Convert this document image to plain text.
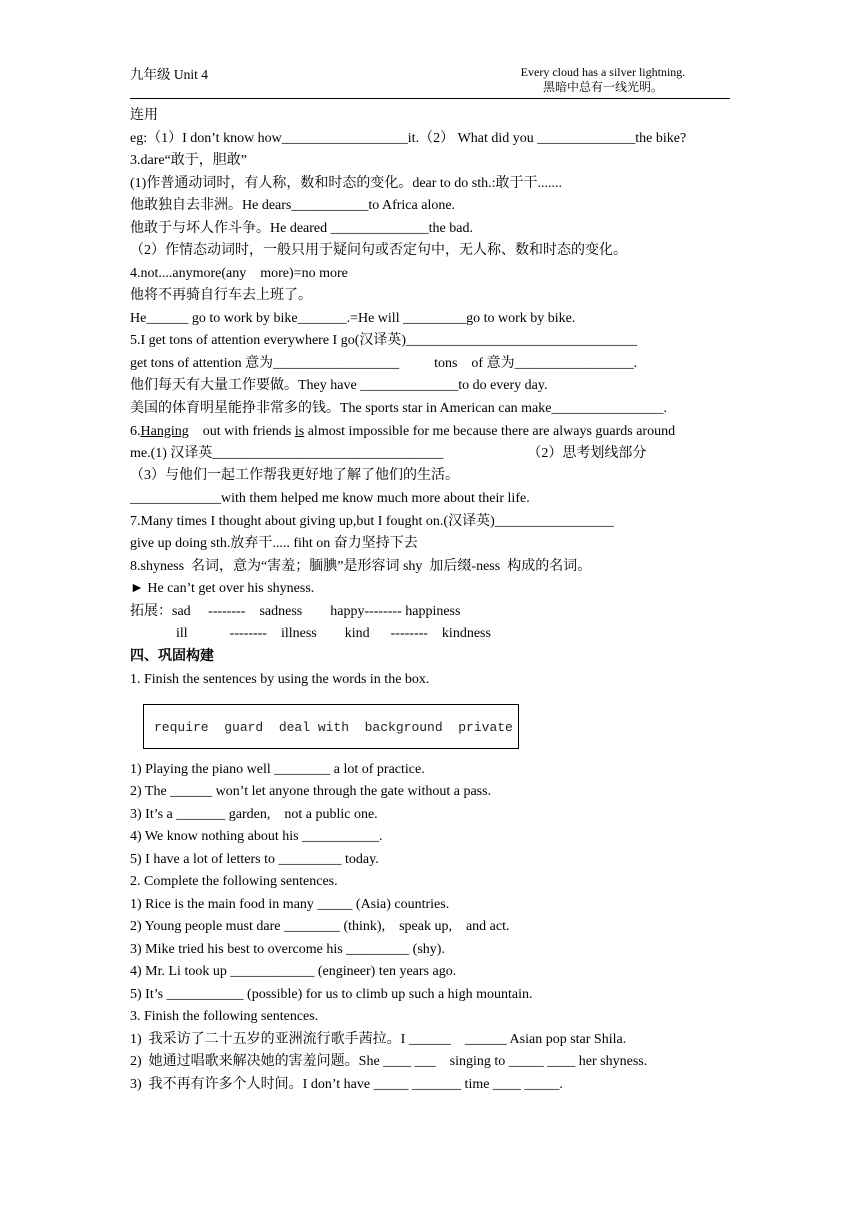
九年级 Unit 4	Every cloud has a silver lightning.
黑暗中总有一线光明。
连用
eg:（1）I don’t know how__________________it.（2） What did you ______________the bike?
3.dare“敢于，胆敢”
(1)作普通动词时，有人称，数和时态的变化。dear to do sth.:敢于干.......
他敢独自去非洲。He dears___________to Africa alone.
他敢于与坏人作斗争。He deared ______________the bad.
（2）作情态动词时，一般只用于疑问句或否定句中，无人称、数和时态的变化。
4.not....anymore(any    more)=no more
他将不再骑自行车去上班了。
He______ go to work by bike_______.=He will _________go to work by bike.
5.I get tons of attention everywhere I go(汉译英)_________________________________
get tons of attention 意为__________________          tons    of 意为_________________.
他们每天有大量工作要做。They have ______________to do every day.
美国的体育明星能挣非常多的钱。The sports star in American can make________________.
6.Hanging    out with friends is almost impossible for me because there are always guards around
me.(1) 汉译英_________________________________                        （2）思考划线部分
（3）与他们一起工作帮我更好地了解了他们的生活。
_____________with them helped me know much more about their life.
7.Many times I thought about giving up,but I fought on.(汉译英)_________________
give up doing sth.放弃干..... fiht on 奋力坚持下去
8.shyness  名词，意为“害羞；腼腆”是形容词 shy  加后缀-ness  构成的名词。
► He can’t get over his shyness.
拓展：sad     --------    sadness        happy-------- happiness
ill            --------    illness        kind      --------    kindness
四、巩固构建
1. Finish the sentences by using the words in the box.
require  guard  deal with  background  private
1) Playing the piano well ________ a lot of practice.
2) The ______ won’t let anyone through the gate without a pass.
3) It’s a _______ garden,    not a public one.
4) We know nothing about his ___________.
5) I have a lot of letters to _________ today.
2. Complete the following sentences.
1) Rice is the main food in many _____ (Asia) countries.
2) Young people must dare ________ (think),    speak up,    and act.
3) Mike tried his best to overcome his _________ (shy).
4) Mr. Li took up ____________ (engineer) ten years ago.
5) It’s ___________ (possible) for us to climb up such a high mountain.
3. Finish the following sentences.
1)  我采访了二十五岁的亚洲流行歌手茜拉。I ______    ______ Asian pop star Shila.
2)  她通过唱歌来解决她的害羞问题。She ____ ___    singing to _____ ____ her shyness.
3)  我不再有许多个人时间。I don’t have _____ _______ time ____ _____.
